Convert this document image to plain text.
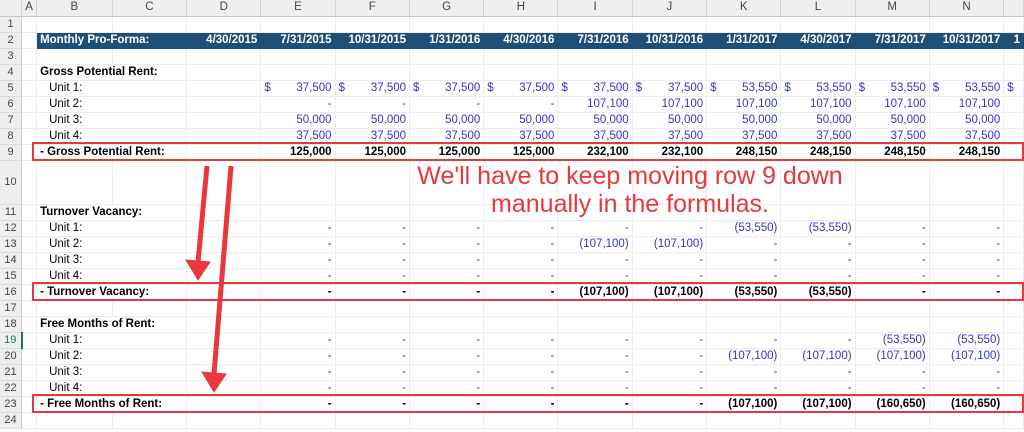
	A	B	C	D	E	F	G	H	I	J	K	L	M	N	
1															
2		Monthly Pro-Forma:		4/30/2015	7/31/2015	10/31/2015	1/31/2016	4/30/2016	7/31/2016	10/31/2016	1/31/2017	4/30/2017	7/31/2017	10/31/2017	1
3															
4		Gross Potential Rent:													
5		Unit 1:			$ 37,500	$ 37,500	$ 37,500	$ 37,500	$ 37,500	$ 37,500	$ 53,550	$ 53,550	$ 53,550	$ 53,550	$
6		Unit 2:			-	-	-	-	107,100	107,100	107,100	107,100	107,100	107,100	
7		Unit 3:			50,000	50,000	50,000	50,000	50,000	50,000	50,000	50,000	50,000	50,000	
8		Unit 4:			37,500	37,500	37,500	37,500	37,500	37,500	37,500	37,500	37,500	37,500	
9		- Gross Potential Rent:			125,000	125,000	125,000	125,000	232,100	232,100	248,150	248,150	248,150	248,150	
10															
11		Turnover Vacancy:													
12		Unit 1:			-	-	-	-	-	-	(53,550)	(53,550)	-	-	
13		Unit 2:			-	-	-	-	(107,100)	(107,100)	-	-	-	-	
14		Unit 3:			-	-	-	-	-	-	-	-	-	-	
15		Unit 4:			-	-	-	-	-	-	-	-	-	-	
16		- Turnover Vacancy:			-	-	-	-	(107,100)	(107,100)	(53,550)	(53,550)	-	-	
17															
18		Free Months of Rent:													
19		Unit 1:			-	-	-	-	-	-	-	-	(53,550)	(53,550)	
20		Unit 2:			-	-	-	-	-	-	(107,100)	(107,100)	(107,100)	(107,100)	
21		Unit 3:			-	-	-	-	-	-	-	-	-	-	
22		Unit 4:			-	-	-	-	-	-	-	-	-	-	
23		- Free Months of Rent:			-	-	-	-	-	-	(107,100)	(107,100)	(160,650)	(160,650)	
24															
We'll have to keep moving row 9 down
manually in the formulas.
